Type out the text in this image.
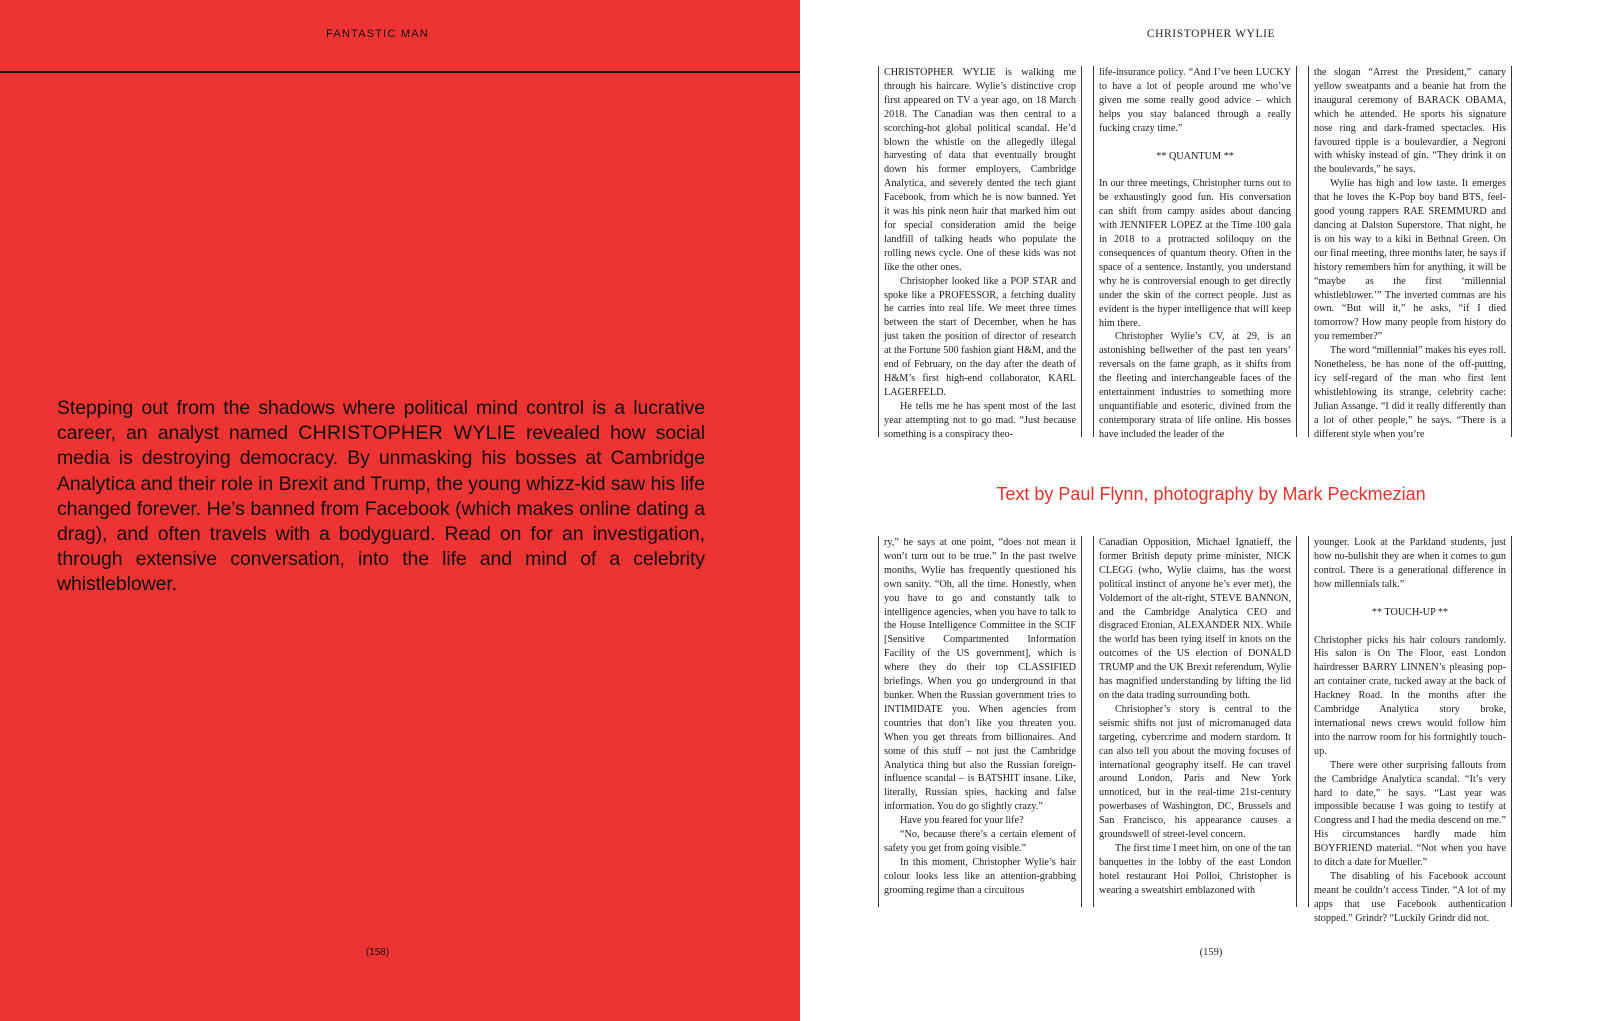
FANTASTIC MAN
Stepping out from the shadows where political mind control is a lucrative career, an analyst named CHRISTOPHER WYLIE revealed how social media is destroying democracy. By unmasking his bosses at Cambridge Analytica and their role in Brexit and Trump, the young whizz-kid saw his life changed forever. He’s banned from Facebook (which makes online dating a drag), and often travels with a bodyguard. Read on for an investigation, through extensive conversation, into the life and mind of a celebrity whistleblower.
(158)
CHRISTOPHER WYLIE

CHRISTOPHER WYLIE is walking me through his haircare. Wylie’s distinctive crop first appeared on TV a year ago, on 18 March 2018. The Canadian was then central to a scorching-hot global political scandal. He’d blown the whistle on the allegedly illegal harvesting of data that eventually brought down his former employers, Cambridge Analytica, and severely dented the tech giant Facebook, from which he is now banned. Yet it was his pink neon hair that marked him out for special consideration amid the beige landfill of talking heads who populate the rolling news cycle. One of these kids was not like the other ones.

Christopher looked like a POP STAR and spoke like a PROFESSOR, a fetching duality he carries into real life. We meet three times between the start of December, when he has just taken the position of director of research at the Fortune 500 fashion giant H&M, and the end of February, on the day after the death of H&M’s first high-end collaborator, KARL LAGERFELD.

He tells me he has spent most of the last year attempting not to go mad. “Just because something is a conspiracy theo-

life-insurance policy. “And I’ve been LUCKY to have a lot of people around me who’ve given me some really good advice – which helps you stay balanced through a really fucking crazy time.”

** QUANTUM **

In our three meetings, Christopher turns out to be exhaustingly good fun. His conversation can shift from campy asides about dancing with JENNIFER LOPEZ at the Time 100 gala in 2018 to a protracted soliloquy on the consequences of quantum theory. Often in the space of a sentence. Instantly, you understand why he is controversial enough to get directly under the skin of the correct people. Just as evident is the hyper intelligence that will keep him there.

Christopher Wylie’s CV, at 29, is an astonishing bellwether of the past ten years’ reversals on the fame graph, as it shifts from the fleeting and interchangeable faces of the entertainment industries to something more unquantifiable and esoteric, divined from the contemporary strata of life online. His bosses have included the leader of the

the slogan “Arrest the President,” canary yellow sweatpants and a beanie hat from the inaugural ceremony of BARACK OBAMA, which he attended. He sports his signature nose ring and dark-framed spectacles. His favoured tipple is a boulevardier, a Negroni with whisky instead of gin. “They drink it on the boulevards,” he says.

Wylie has high and low taste. It emerges that he loves the K-Pop boy band BTS, feel-good young rappers RAE SREMMURD and dancing at Dalston Superstore. That night, he is on his way to a kiki in Bethnal Green. On our final meeting, three months later, he says if history remembers him for anything, it will be “maybe as the first ‘millennial whistleblower.’” The inverted commas are his own. “But will it,” he asks, “if I died tomorrow? How many people from history do you remember?”

The word “millennial” makes his eyes roll. Nonetheless, he has none of the off-putting, icy self-regard of the man who first lent whistleblowing its strange, celebrity cache: Julian Assange. “I did it really differently than a lot of other people,” he says. “There is a different style when you’re

Text by Paul Flynn, photography by Mark Peckmezian

ry,” he says at one point, “does not mean it won’t turn out to be true.” In the past twelve months, Wylie has frequently questioned his own sanity. “Oh, all the time. Honestly, when you have to go and constantly talk to intelligence agencies, when you have to talk to the House Intelligence Committee in the SCIF [Sensitive Compartmented Information Facility of the US government], which is where they do their top CLASSIFIED briefings. When you go underground in that bunker. When the Russian government tries to INTIMIDATE you. When agencies from countries that don’t like you threaten you. When you get threats from billionaires. And some of this stuff – not just the Cambridge Analytica thing but also the Russian foreign-influence scandal – is BATSHIT insane. Like, literally, Russian spies, hacking and false information. You do go slightly crazy.”

Have you feared for your life?

“No, because there’s a certain element of safety you get from going visible.”

In this moment, Christopher Wylie’s hair colour looks less like an attention-grabbing grooming regime than a circuitous

Canadian Opposition, Michael Ignatieff, the former British deputy prime minister, NICK CLEGG (who, Wylie claims, has the worst political instinct of anyone he’s ever met), the Voldemort of the alt-right, STEVE BANNON, and the Cambridge Analytica CEO and disgraced Etonian, ALEXANDER NIX. While the world has been tying itself in knots on the outcomes of the US election of DONALD TRUMP and the UK Brexit referendum, Wylie has magnified understanding by lifting the lid on the data trading surrounding both.

Christopher’s story is central to the seismic shifts not just of micromanaged data targeting, cybercrime and modern stardom. It can also tell you about the moving focuses of international geography itself. He can travel around London, Paris and New York unnoticed, but in the real-time 21st-century powerbases of Washington, DC, Brussels and San Francisco, his appearance causes a groundswell of street-level concern.

The first time I meet him, on one of the tan banquettes in the lobby of the east London hotel restaurant Hoi Polloi, Christopher is wearing a sweatshirt emblazoned with

younger. Look at the Parkland students, just how no-bullshit they are when it comes to gun control. There is a generational difference in how millennials talk.”

** TOUCH-UP **

Christopher picks his hair colours randomly. His salon is On The Floor, east London hairdresser BARRY LINNEN’s pleasing pop-art container crate, tucked away at the back of Hackney Road. In the months after the Cambridge Analytica story broke, international news crews would follow him into the narrow room for his fortnightly touch-up.

There were other surprising fallouts from the Cambridge Analytica scandal. “It’s very hard to date,” he says. “Last year was impossible because I was going to testify at Congress and I had the media descend on me.” His circumstances hardly made him BOYFRIEND material. “Not when you have to ditch a date for Mueller.”

The disabling of his Facebook account meant he couldn’t access Tinder. “A lot of my apps that use Facebook authentication stopped.” Grindr? “Luckily Grindr did not.

(159)
